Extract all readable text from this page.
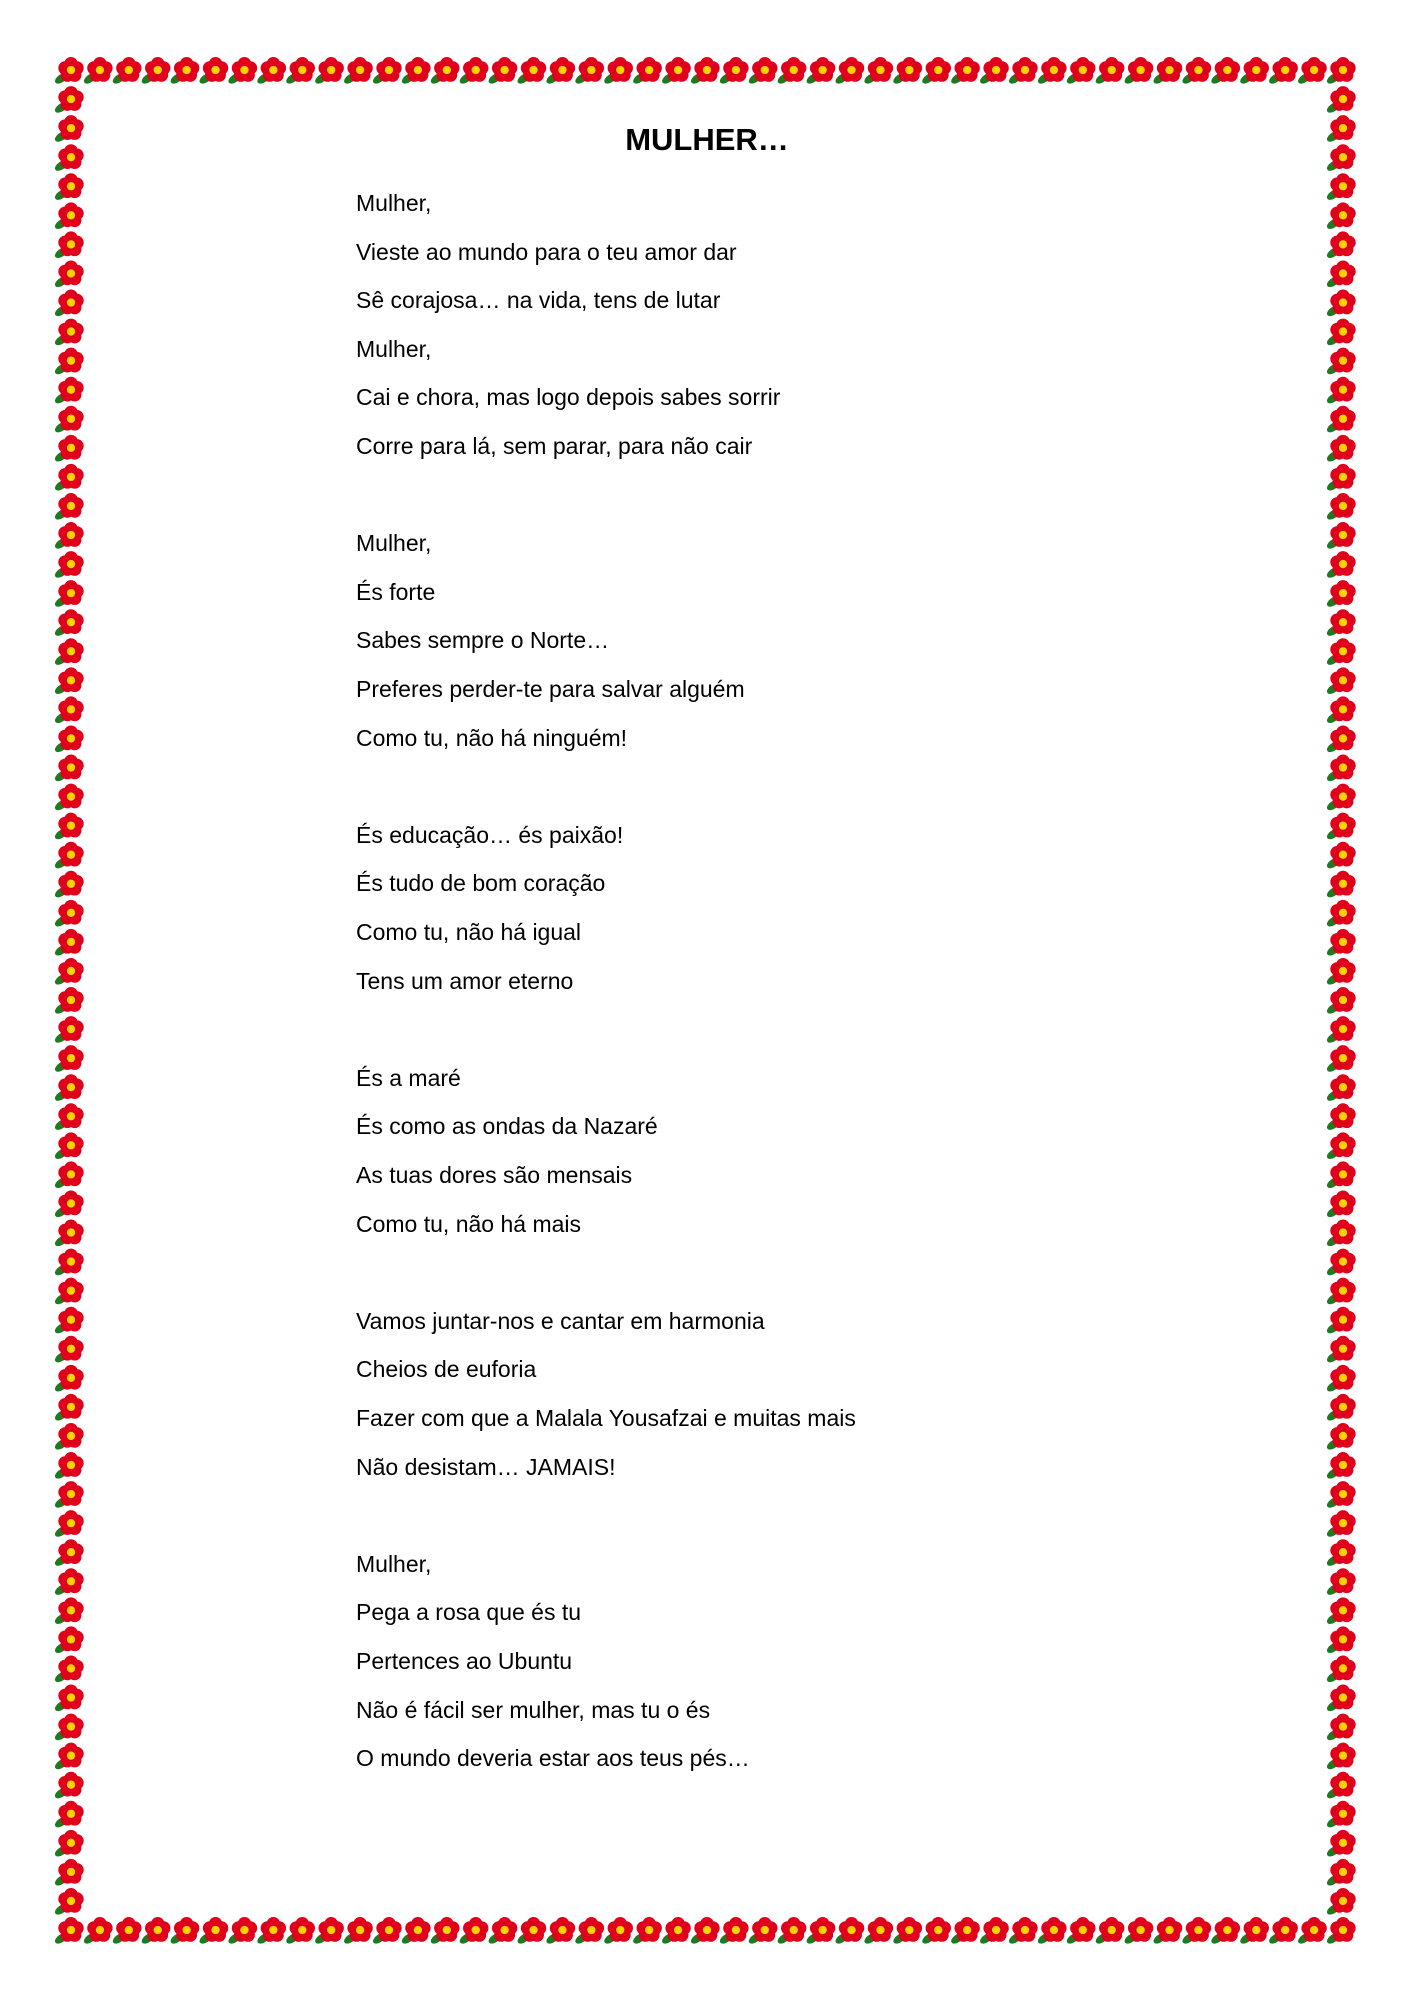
MULHER…

Mulher,

Vieste ao mundo para o teu amor dar

Sê corajosa… na vida, tens de lutar

Mulher,

Cai e chora, mas logo depois sabes sorrir

Corre para lá, sem parar, para não cair

Mulher,

És forte

Sabes sempre o Norte…

Preferes perder-te para salvar alguém

Como tu, não há ninguém!

És educação… és paixão!

És tudo de bom coração

Como tu, não há igual

Tens um amor eterno

És a maré

És como as ondas da Nazaré

As tuas dores são mensais

Como tu, não há mais

Vamos juntar-nos e cantar em harmonia

Cheios de euforia

Fazer com que a Malala Yousafzai e muitas mais

Não desistam… JAMAIS!

Mulher,

Pega a rosa que és tu

Pertences ao Ubuntu

Não é fácil ser mulher, mas tu o és

O mundo deveria estar aos teus pés…
